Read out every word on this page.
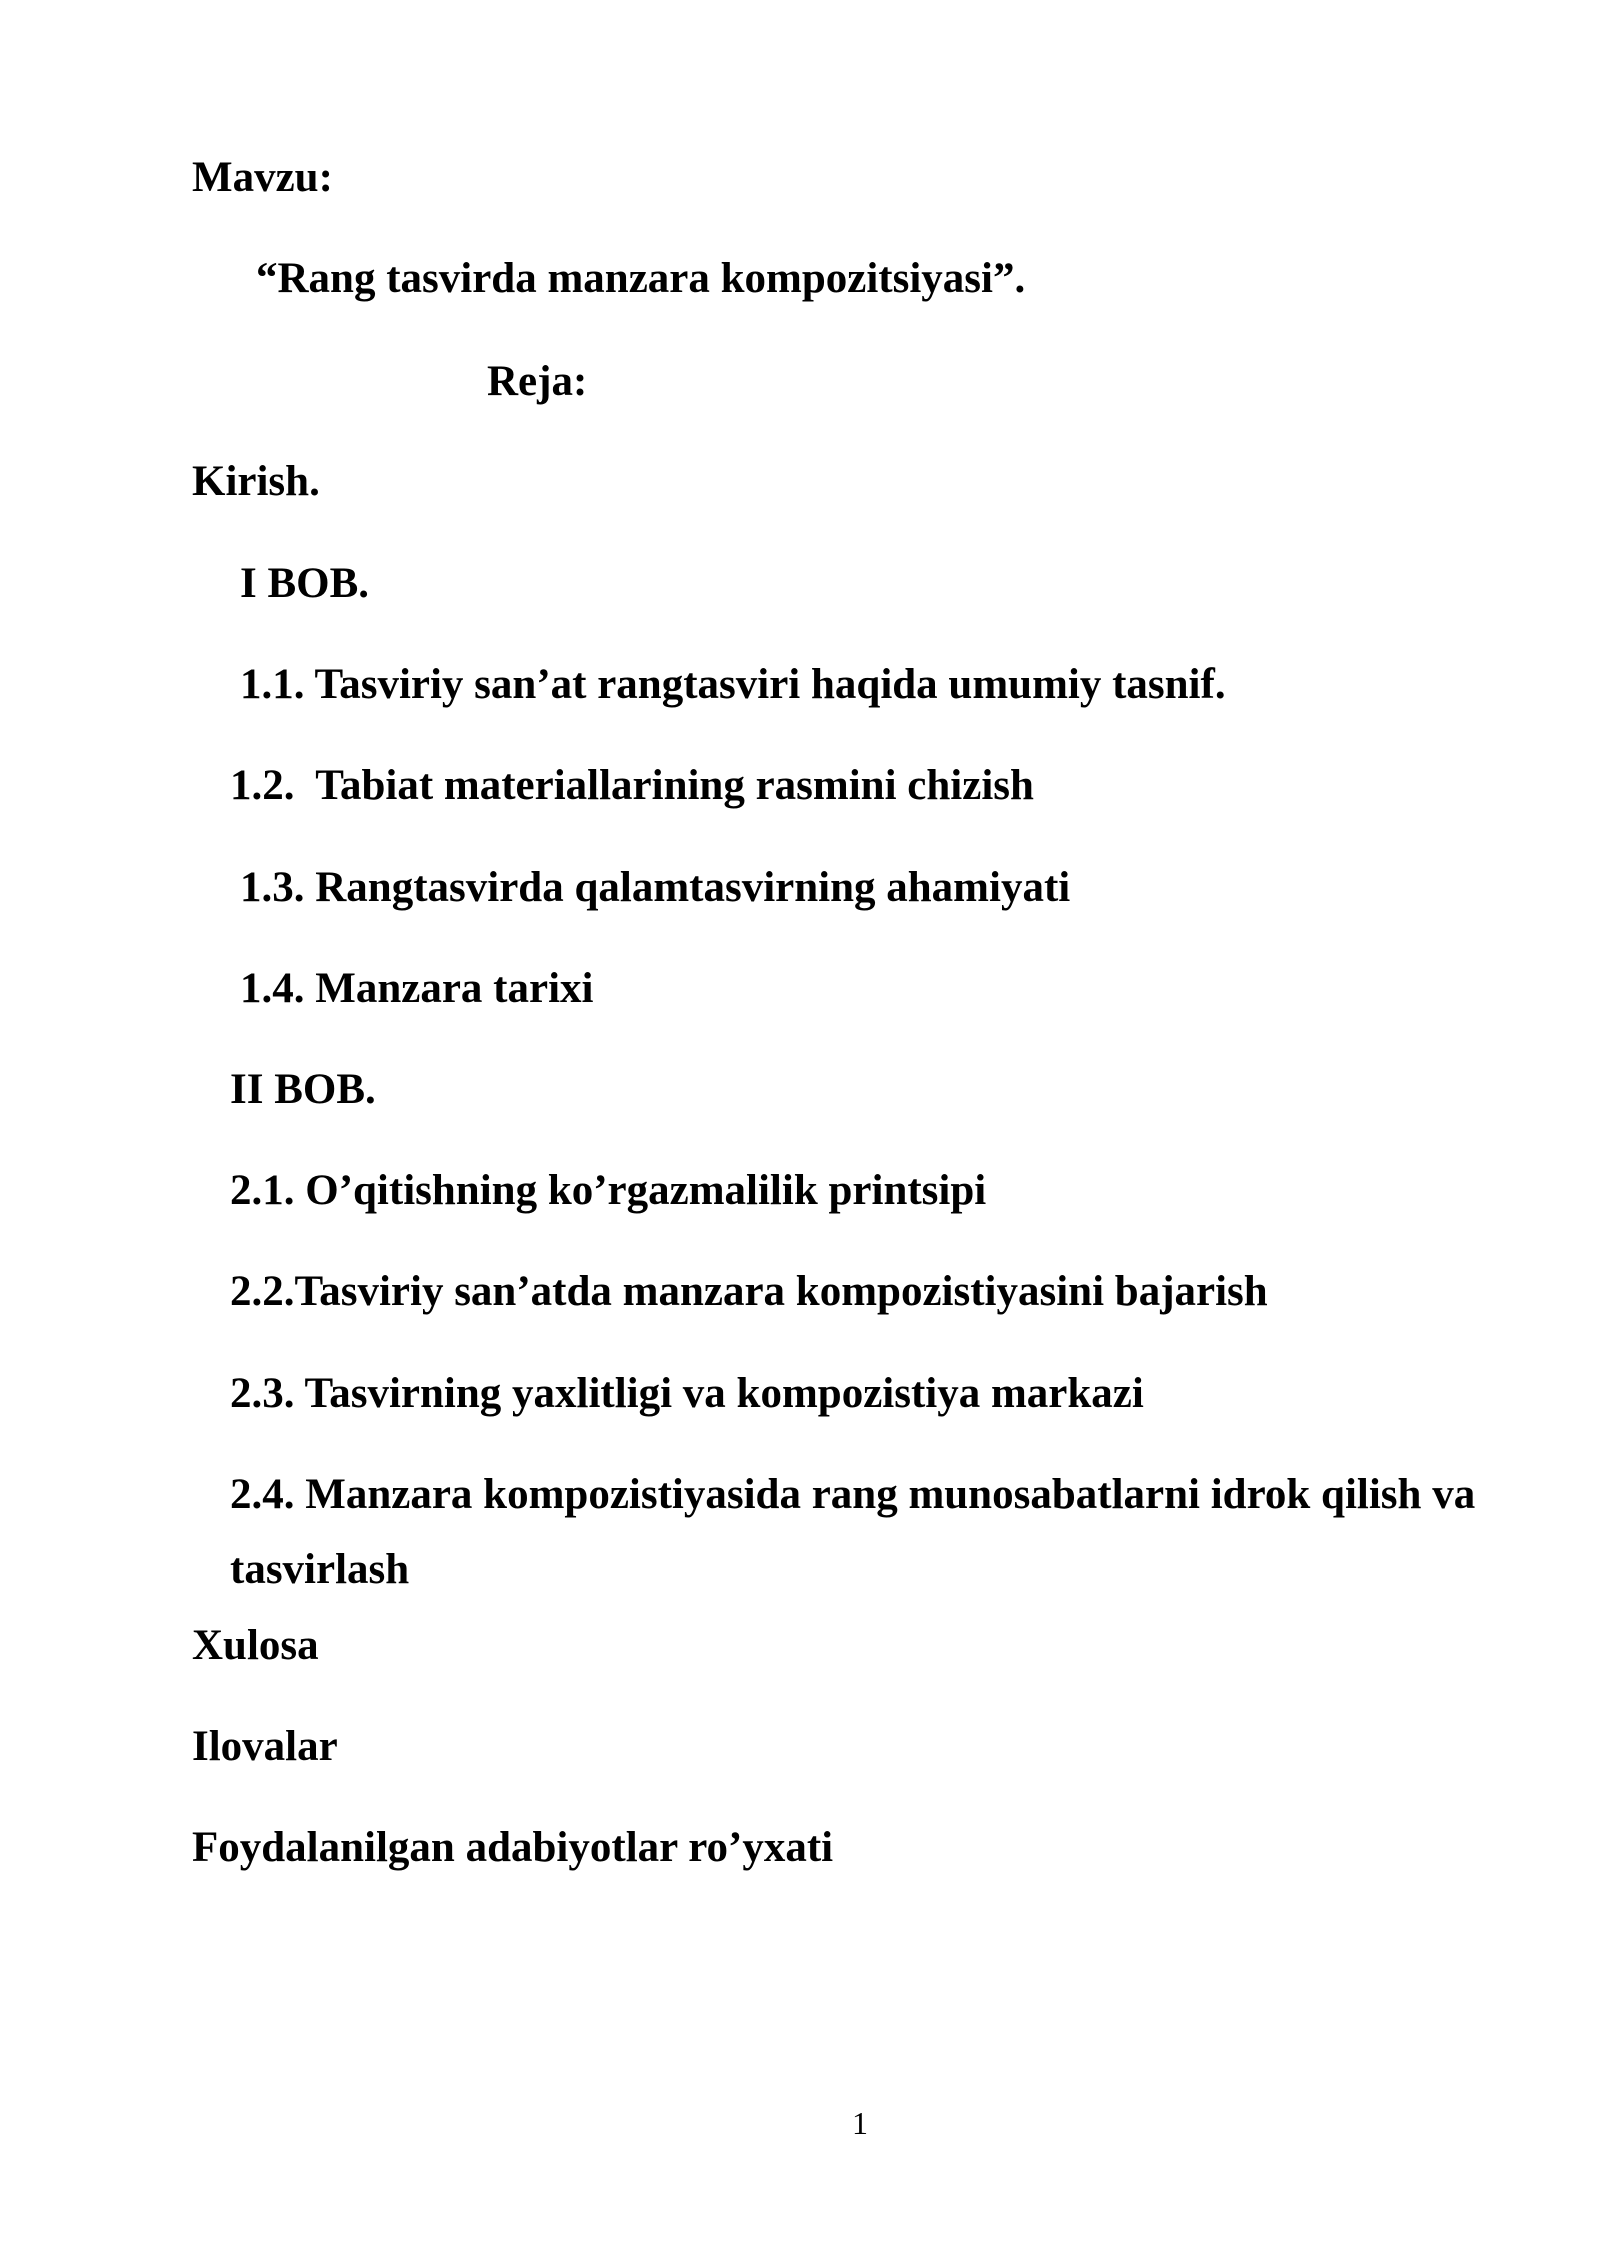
Mavzu:
“Rang tasvirda manzara kompozitsiyasi”.
Reja:
Kirish.
I BOB.
1.1. Tasviriy san’at rangtasviri haqida umumiy tasnif.
1.2.  Tabiat materiallarining rasmini chizish
1.3. Rangtasvirda qalamtasvirning ahamiyati
1.4. Manzara tarixi
II BOB.
2.1. O’qitishning ko’rgazmalilik printsipi
2.2.Tasviriy san’atda manzara kompozistiyasini bajarish
2.3. Tasvirning yaxlitligi va kompozistiya markazi
2.4. Manzara kompozistiyasida rang munosabatlarni idrok qilish va
tasvirlash
Xulosa
Ilovalar
Foydalanilgan adabiyotlar ro’yxati
1
